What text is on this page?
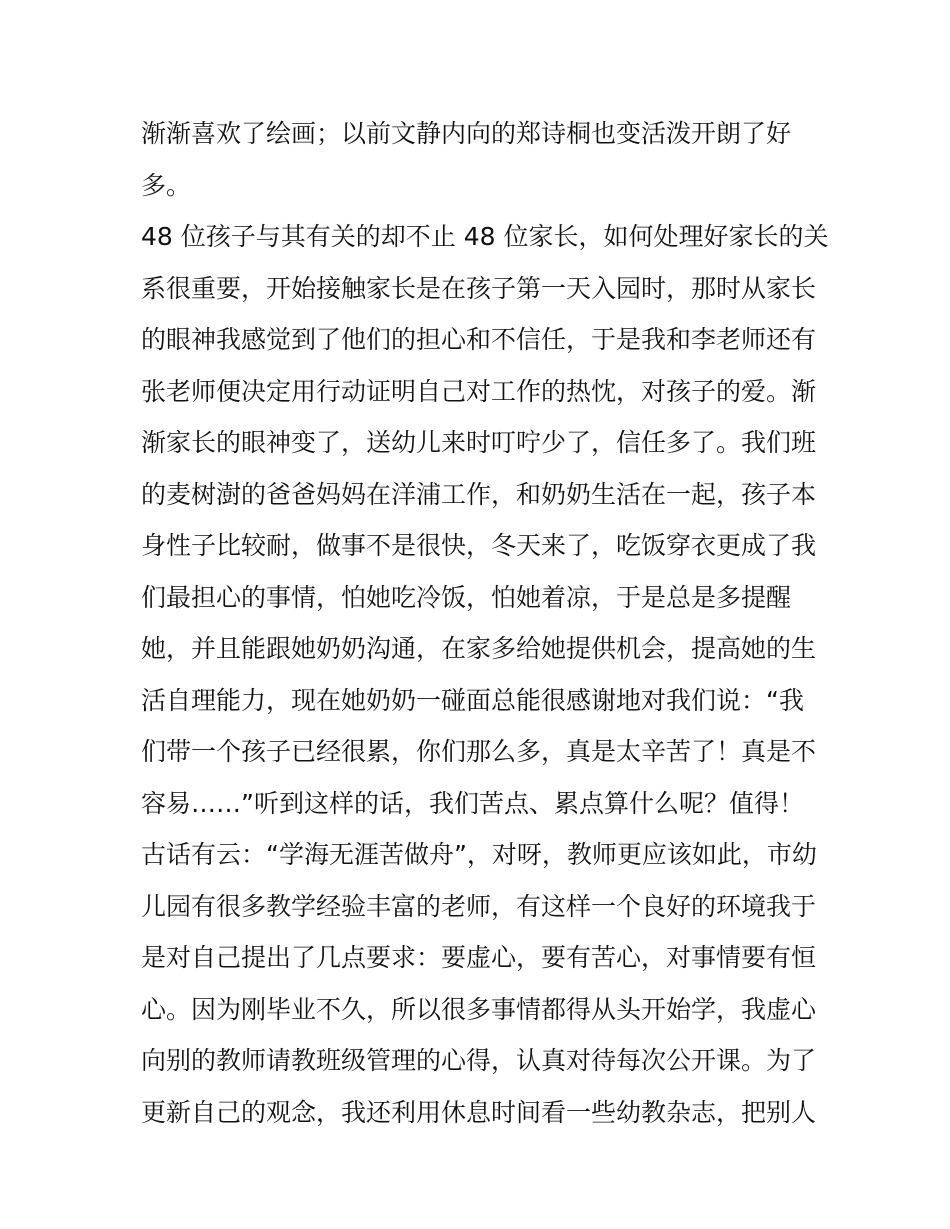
渐渐喜欢了绘画；以前文静内向的郑诗桐也变活泼开朗了好
多。
48 位孩子与其有关的却不止 48 位家长，如何处理好家长的关
系很重要，开始接触家长是在孩子第一天入园时，那时从家长
的眼神我感觉到了他们的担心和不信任，于是我和李老师还有
张老师便决定用行动证明自己对工作的热忱，对孩子的爱。渐
渐家长的眼神变了，送幼儿来时叮咛少了，信任多了。我们班
的麦树澍的爸爸妈妈在洋浦工作，和奶奶生活在一起，孩子本
身性子比较耐，做事不是很快，冬天来了，吃饭穿衣更成了我
们最担心的事情，怕她吃冷饭，怕她着凉，于是总是多提醒
她，并且能跟她奶奶沟通，在家多给她提供机会，提高她的生
活自理能力，现在她奶奶一碰面总能很感谢地对我们说：“我
们带一个孩子已经很累，你们那么多，真是太辛苦了！真是不
容易……”听到这样的话，我们苦点、累点算什么呢？值得！
古话有云：“学海无涯苦做舟”，对呀，教师更应该如此，市幼
儿园有很多教学经验丰富的老师，有这样一个良好的环境我于
是对自己提出了几点要求：要虚心，要有苦心，对事情要有恒
心。因为刚毕业不久，所以很多事情都得从头开始学，我虚心
向别的教师请教班级管理的心得，认真对待每次公开课。为了
更新自己的观念，我还利用休息时间看一些幼教杂志，把别人
